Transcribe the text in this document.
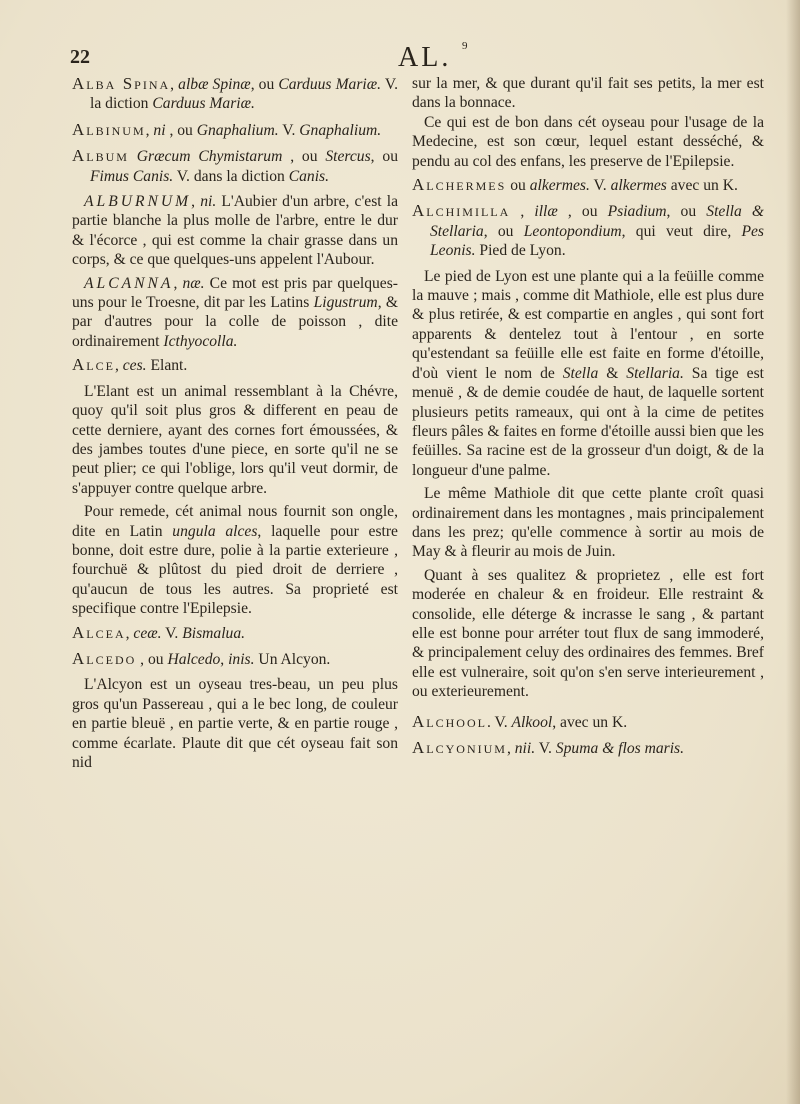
22	AL. 9

Alba Spina, albæ Spinæ, ou Carduus Mariæ. V. la diction Carduus Mariæ.

Albinum, ni , ou Gnaphalium. V. Gnaphalium.

Album Græcum Chymistarum , ou Stercus, ou Fimus Canis. V. dans la diction Canis.

ALBURNUM, ni. L'Aubier d'un arbre, c'est la partie blanche la plus molle de l'arbre, entre le dur & l'écorce , qui est comme la chair grasse dans un corps, & ce que quelques-uns appelent l'Aubour.

ALCANNA, næ. Ce mot est pris par quelques-uns pour le Troesne, dit par les Latins Ligustrum, & par d'autres pour la colle de poisson , dite ordinairement Icthyocolla.

Alce, ces. Elant.

L'Elant est un animal ressemblant à la Chévre, quoy qu'il soit plus gros & different en peau de cette derniere, ayant des cornes fort émoussées, & des jambes toutes d'une piece, en sorte qu'il ne se peut plier; ce qui l'oblige, lors qu'il veut dormir, de s'appuyer contre quelque arbre.

Pour remede, cét animal nous fournit son ongle, dite en Latin ungula alces, laquelle pour estre bonne, doit estre dure, polie à la partie exterieure , fourchuë & plûtost du pied droit de derriere , qu'aucun de tous les autres. Sa proprieté est specifique contre l'Epilepsie.

Alcea, ceæ. V. Bismalua.

Alcedo , ou Halcedo, inis. Un Alcyon.

L'Alcyon est un oyseau tres-beau, un peu plus gros qu'un Passereau , qui a le bec long, de couleur en partie bleuë , en partie verte, & en partie rouge , comme écarlate. Plaute dit que cét oyseau fait son nid

sur la mer, & que durant qu'il fait ses petits, la mer est dans la bonnace.

Ce qui est de bon dans cét oyseau pour l'usage de la Medecine, est son cœur, lequel estant desséché, & pendu au col des enfans, les preserve de l'Epilepsie.

Alchermes ou alkermes. V. alkermes avec un K.

Alchimilla , illæ , ou Psiadium, ou Stella & Stellaria, ou Leontopondium, qui veut dire, Pes Leonis. Pied de Lyon.

Le pied de Lyon est une plante qui a la feüille comme la mauve ; mais , comme dit Mathiole, elle est plus dure & plus retirée, & est compartie en angles , qui sont fort apparents & dentelez tout à l'entour , en sorte qu'estendant sa feüille elle est faite en forme d'étoille, d'où vient le nom de Stella & Stellaria. Sa tige est menuë , & de demie coudée de haut, de laquelle sortent plusieurs petits rameaux, qui ont à la cime de petites fleurs pâles & faites en forme d'étoille aussi bien que les feüilles. Sa racine est de la grosseur d'un doigt, & de la longueur d'une palme.

Le même Mathiole dit que cette plante croît quasi ordinairement dans les montagnes , mais principalement dans les prez; qu'elle commence à sortir au mois de May & à fleurir au mois de Juin.

Quant à ses qualitez & proprietez , elle est fort moderée en chaleur & en froideur. Elle restraint & consolide, elle déterge & incrasse le sang , & partant elle est bonne pour arréter tout flux de sang immoderé, & principalement celuy des ordinaires des femmes. Bref elle est vulneraire, soit qu'on s'en serve interieurement , ou exterieurement.

Alchool. V. Alkool, avec un K.

Alcyonium, nii. V. Spuma & flos maris.
